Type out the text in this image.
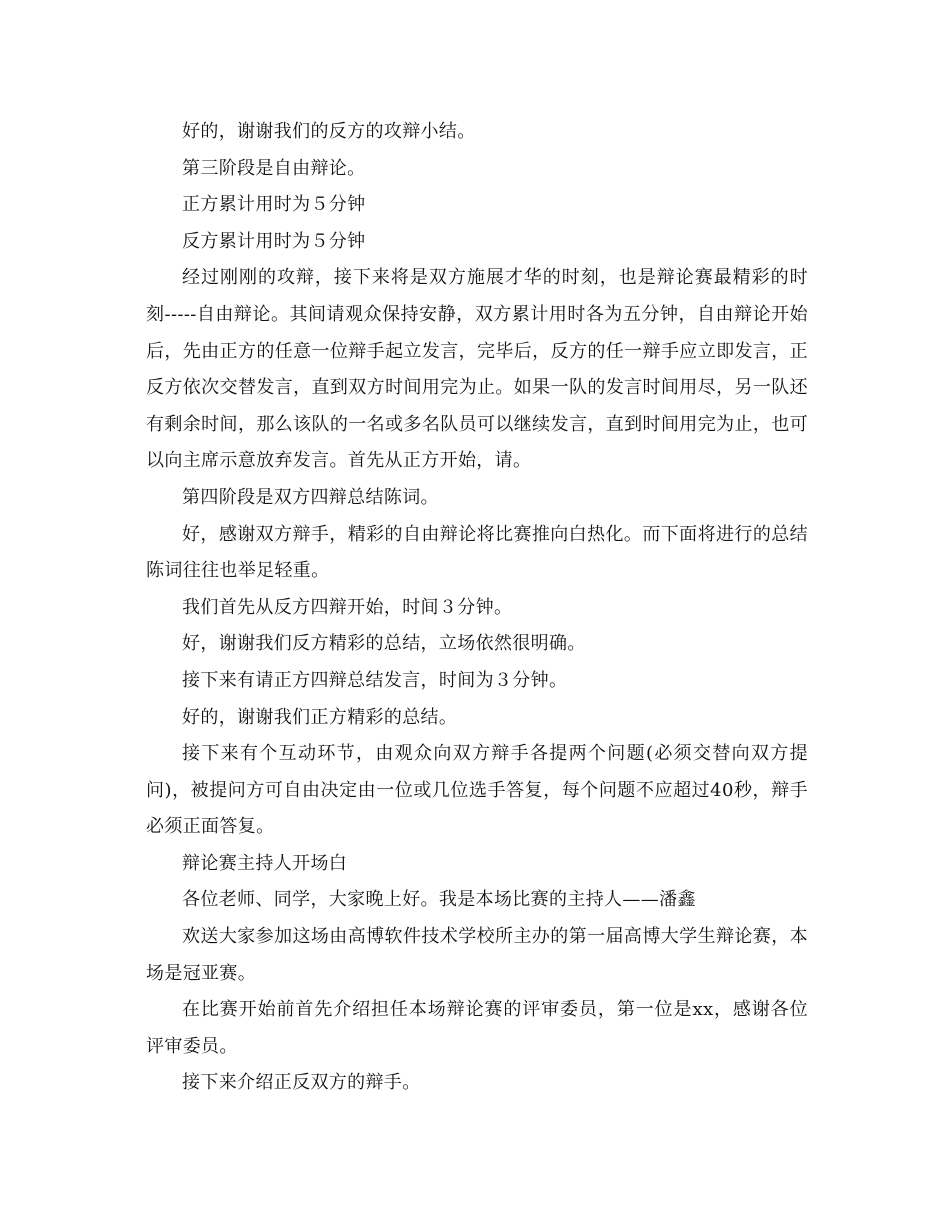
好的，谢谢我们的反方的攻辩小结。

第三阶段是自由辩论。

正方累计用时为５分钟

反方累计用时为５分钟

经过刚刚的攻辩，接下来将是双方施展才华的时刻，也是辩论赛最精彩的时刻-----自由辩论。其间请观众保持安静，双方累计用时各为五分钟，自由辩论开始后，先由正方的任意一位辩手起立发言，完毕后，反方的任一辩手应立即发言，正反方依次交替发言，直到双方时间用完为止。如果一队的发言时间用尽，另一队还有剩余时间，那么该队的一名或多名队员可以继续发言，直到时间用完为止，也可以向主席示意放弃发言。首先从正方开始，请。

第四阶段是双方四辩总结陈词。

好，感谢双方辩手，精彩的自由辩论将比赛推向白热化。而下面将进行的总结陈词往往也举足轻重。

我们首先从反方四辩开始，时间３分钟。

好，谢谢我们反方精彩的总结，立场依然很明确。

接下来有请正方四辩总结发言，时间为３分钟。

好的，谢谢我们正方精彩的总结。

接下来有个互动环节，由观众向双方辩手各提两个问题(必须交替向双方提问)，被提问方可自由决定由一位或几位选手答复，每个问题不应超过40秒，辩手必须正面答复。

辩论赛主持人开场白

各位老师、同学，大家晚上好。我是本场比赛的主持人——潘鑫

欢送大家参加这场由高博软件技术学校所主办的第一届高博大学生辩论赛，本场是冠亚赛。

在比赛开始前首先介绍担任本场辩论赛的评审委员，第一位是xx，感谢各位评审委员。

接下来介绍正反双方的辩手。
